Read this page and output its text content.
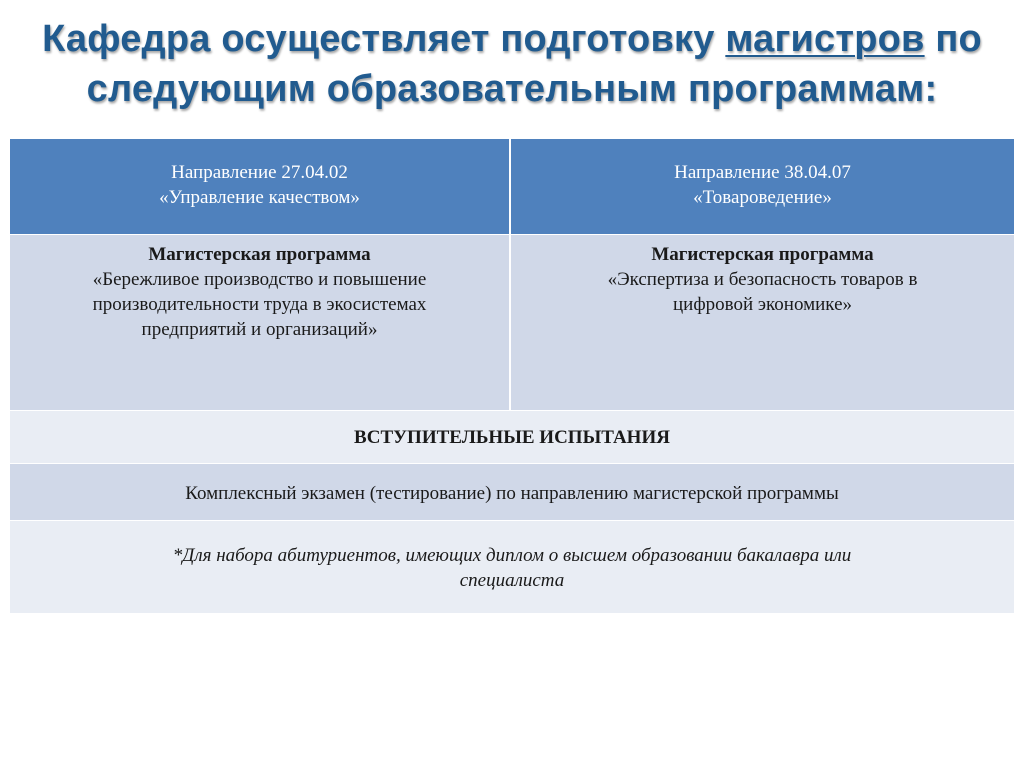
Кафедра осуществляет подготовку магистров по
следующим образовательным программам:
Направление 27.04.02
«Управление качеством»
Направление 38.04.07
«Товароведение»
Магистерская программа
«Бережливое производство и повышение
производительности труда в экосистемах
предприятий и организаций»
Магистерская программа
«Экспертиза и безопасность товаров в
цифровой экономике»
ВСТУПИТЕЛЬНЫЕ ИСПЫТАНИЯ
Комплексный экзамен (тестирование) по направлению магистерской программы
*Для набора абитуриентов, имеющих диплом о высшем образовании бакалавра или
специалиста
